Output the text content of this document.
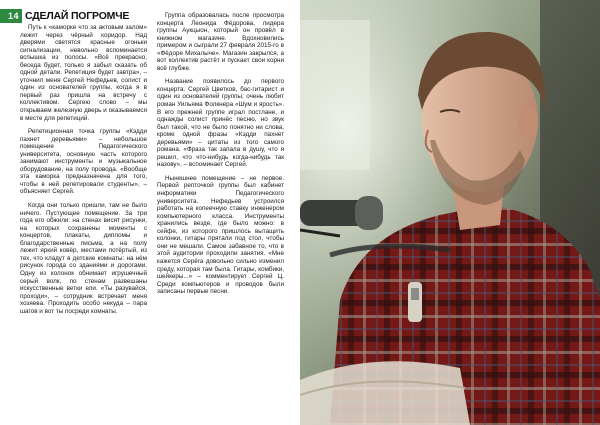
14 СДЕЛАЙ ПОГРОМЧЕ

Путь к «каморке что за актовым залом» лежит через чёрный коридор. Над дверями светятся красные огоньки сигнализации, невольно вспоминается вспышка из полосы. «Всё прекрасно, беседа будет, только я забыл сказать об одной детали. Репетиция будет завтра», – уточнил меня Сергей Нефедьев, солист и один из основателей группы, когда я в первый раз пришла на встречу с коллективом. Сергею слово – мы открываем железную дверь и оказываемся в месте для репетиций.

Репетиционная точка группы «Кэдди пахнет деревьями» – небольшое помещение Педагогического университета, основную часть которого занимают инструменты и музыкальное оборудование, на полу провода. «Вообще эта каморка предназначена для того, чтобы в ней репетировали студенты», – объясняет Сергей.

Когда они только пришли, там не было ничего. Пустующее помещение. За три года его обжили: на стенах висят рисунки, на которых сохранены моменты с концертов, плакаты, дипломы и благодарственные письма, а на полу лежит яркий ковёр, местами потёртый, из тех, что кладут в детские комнаты: на нём рисунок города со зданиями и дорогами. Одну из колонок обнимает игрушечный серый волк, по стенам развешаны искусственные ветки ели. «Ты разувайся, проходи», – сотрудник встречает меня хозяева. Проходить особо некуда – пара шагов и вот ты посреди комнаты.

Группа образовалась после просмотра концерта Леонида Фёдорова, лидера группы Аукцыон, который он провёл в книжном магазине. Вдохновились примером и сыграли 27 февраля 2015-го в «Фёдоре Михалыче». Магазин закрылся, а вот коллектив растёт и пускает свои корни всё глубже.

Название появилось до первого концерта. Сергей Цветков, бас-гитарист и один из основателей группы, очень любит роман Уильяма Фолкнера «Шум и ярость». В его прежней группе играл постлане, и однажды солист принёс песню, но звук был такой, что не было понятно ни слова, кроме одной фразы «Кэдди пахнет деревьями» – цитаты из того самого романа. «Фраза так запала в душу, что я решил, что что-нибудь когда-нибудь так назову», – вспоминает Сергей.

Нынешнее помещение – не первое. Первой репточкой группы был кабинет информатики Педагогического университета. Нефедьев устроился работать на копеечную ставку инженером компьютерного класса. Инструменты хранились везде, где было можно: в сейфе, из которого пришлось вытащить колонки, гитары прятали под стол, чтобы они не мешали. Самое забавное то, что в этой аудитории проходили занятия. «Мне кажется Серёга довольно сильно изменил среду, которая там была. Гитары, комбики, шейкеры...» – комментирует Сергей Ц. Среди компьютеров и проводов были записаны первые песни.
